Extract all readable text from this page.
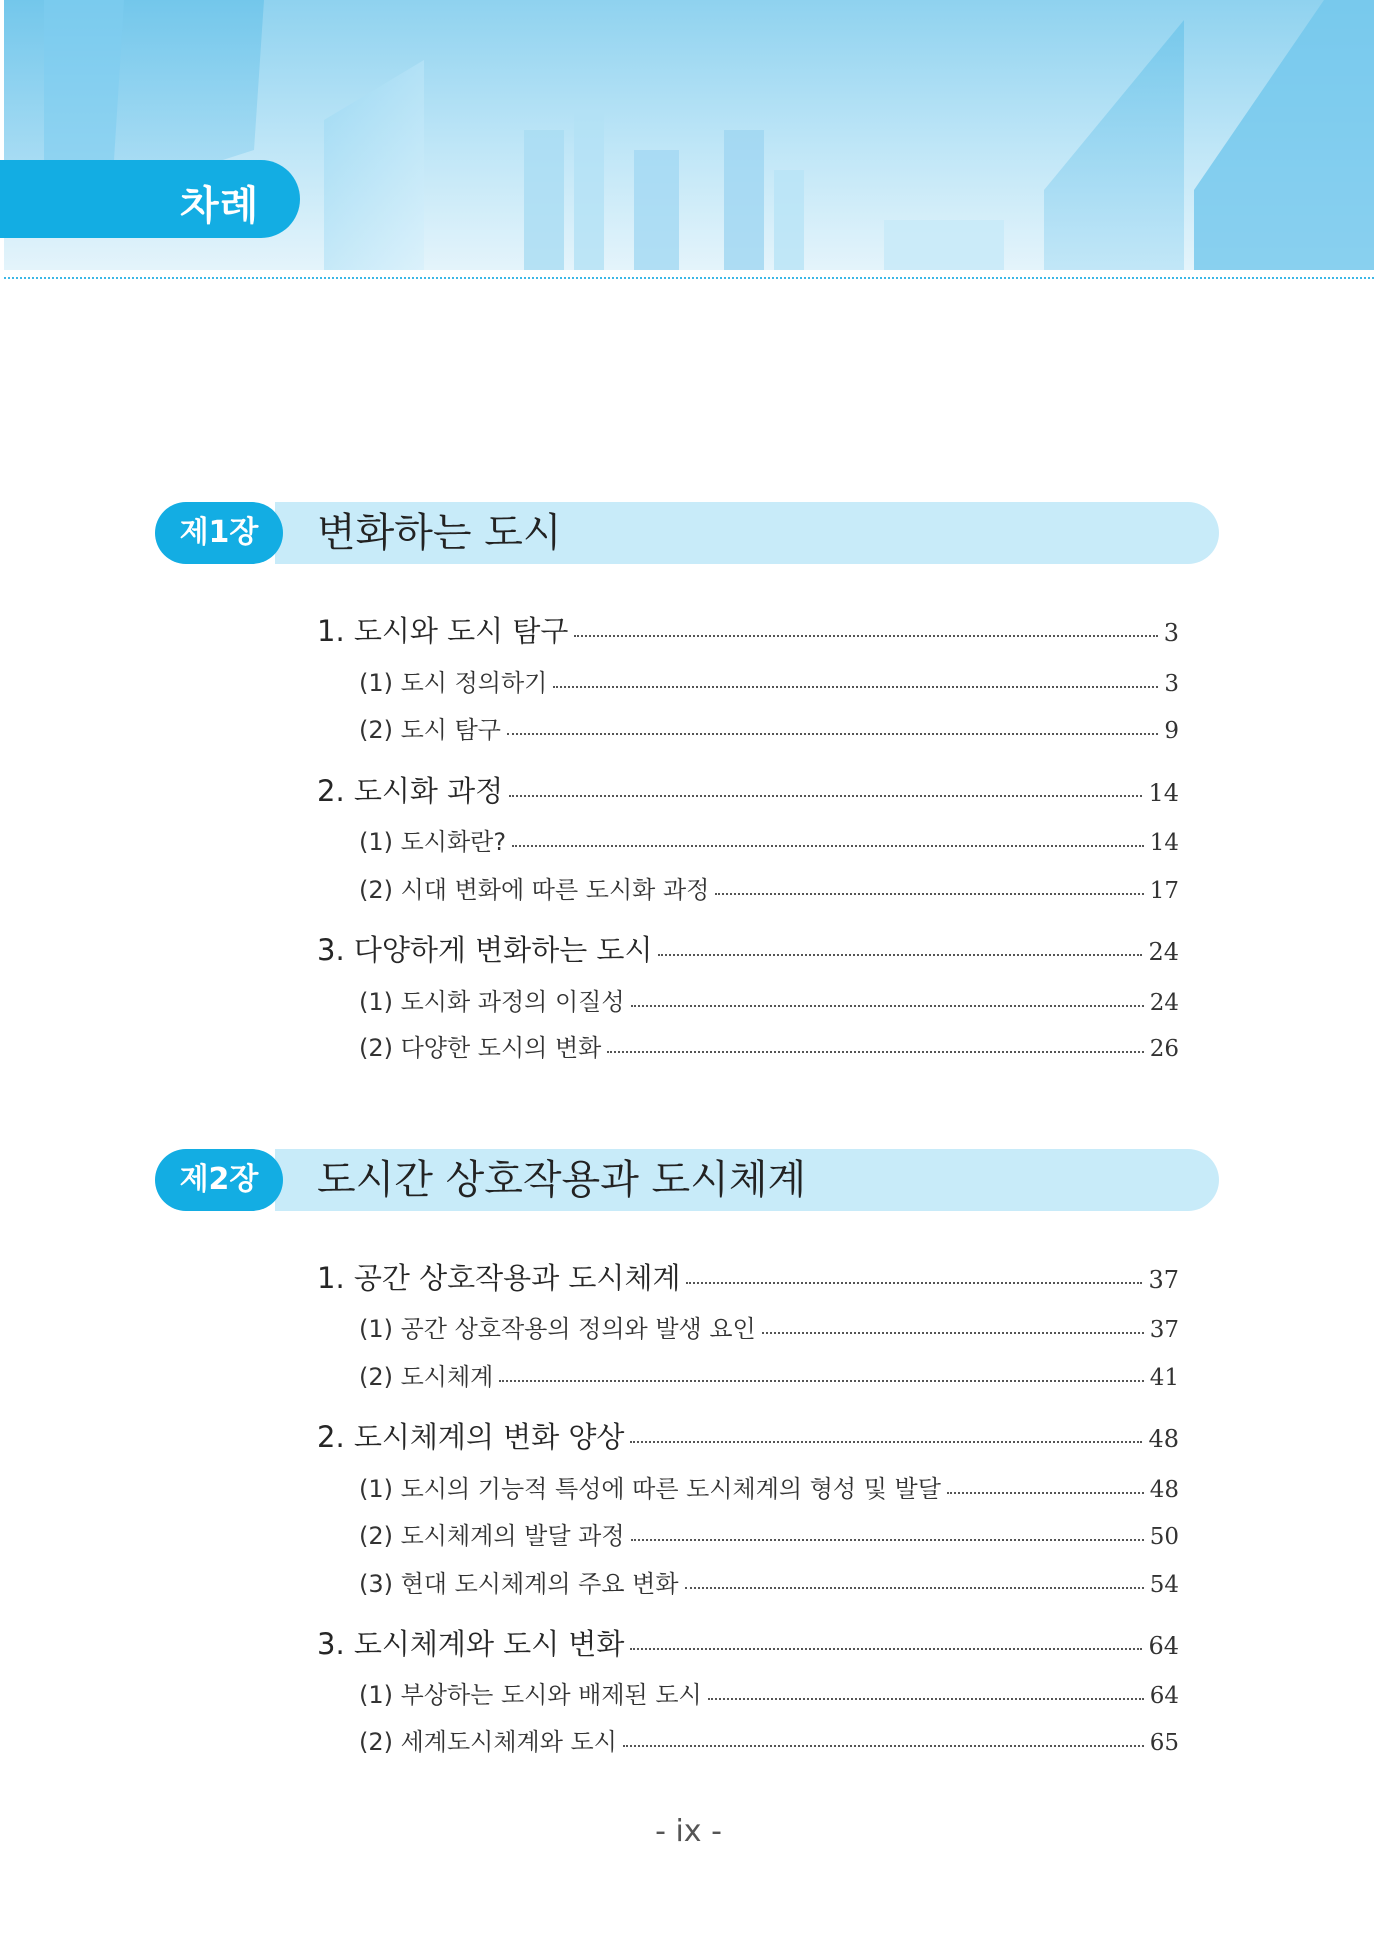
차례
제1장	변화하는 도시
1. 도시와 도시 탐구	3
(1) 도시 정의하기	3
(2) 도시 탐구	9
2. 도시화 과정	14
(1) 도시화란?	14
(2) 시대 변화에 따른 도시화 과정	17
3. 다양하게 변화하는 도시	24
(1) 도시화 과정의 이질성	24
(2) 다양한 도시의 변화	26
제2장	도시간 상호작용과 도시체계
1. 공간 상호작용과 도시체계	37
(1) 공간 상호작용의 정의와 발생 요인	37
(2) 도시체계	41
2. 도시체계의 변화 양상	48
(1) 도시의 기능적 특성에 따른 도시체계의 형성 및 발달	48
(2) 도시체계의 발달 과정	50
(3) 현대 도시체계의 주요 변화	54
3. 도시체계와 도시 변화	64
(1) 부상하는 도시와 배제된 도시	64
(2) 세계도시체계와 도시	65
- ix -
